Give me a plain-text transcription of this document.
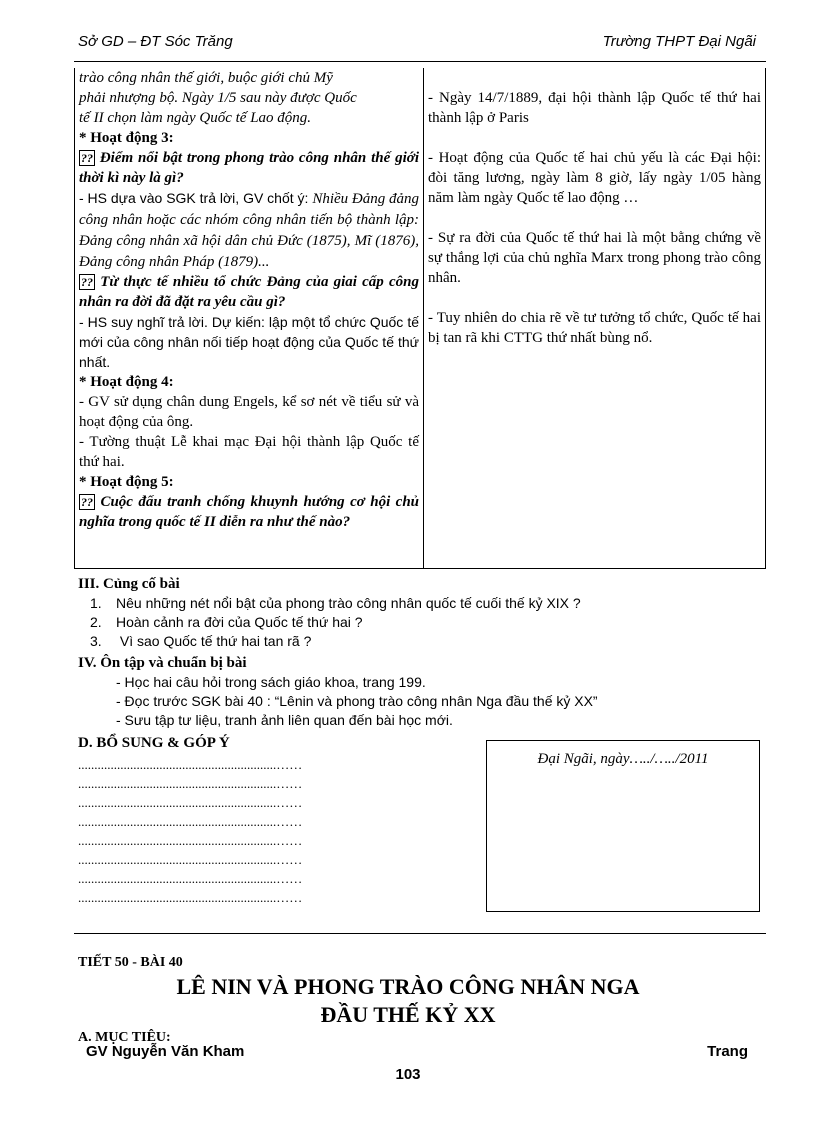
Sở GD – ĐT Sóc Trăng	Trường THPT Đại Ngãi
trào công nhân thế giới, buộc giới chủ Mỹ
phải nhượng bộ. Ngày 1/5 sau này được Quốc
tế II chọn làm ngày Quốc tế Lao động.
* Hoạt động 3:
?? Điểm nổi bật trong phong trào công nhân thế giới thời kì này là gì?
- HS dựa vào SGK trả lời, GV chốt ý: Nhiều Đảng đảng công nhân hoặc các nhóm công nhân tiến bộ thành lập: Đảng công nhân xã hội dân chủ Đức (1875), Mĩ (1876), Đảng công nhân Pháp (1879)...
?? Từ thực tế nhiều tổ chức Đảng của giai cấp công nhân ra đời đã đặt ra yêu cầu gì?
- HS suy nghĩ trả lời. Dự kiến: lập một tổ chức Quốc tế mới của công nhân nối tiếp hoạt động của Quốc tế thứ nhất.
* Hoạt động 4:
- GV sử dụng chân dung Engels, kể sơ nét về tiểu sử và hoạt động của ông.
- Tường thuật Lễ khai mạc Đại hội thành lập Quốc tế thứ hai.
* Hoạt động 5:
?? Cuộc đấu tranh chống khuynh hướng cơ hội chủ nghĩa trong quốc tế II diễn ra như thế nào?

- Ngày 14/7/1889, đại hội thành lập Quốc tế thứ hai thành lập ở Paris

- Hoạt động của Quốc tế hai chủ yếu là các Đại hội: đòi tăng lương, ngày làm 8 giờ, lấy ngày 1/05 hàng năm làm ngày Quốc tế lao động …

- Sự ra đời của Quốc tế thứ hai là một bằng chứng về sự thắng lợi của chủ nghĩa Marx trong phong trào công nhân.

- Tuy nhiên do chia rẽ về tư tưởng tổ chức, Quốc tế hai bị tan rã khi CTTG thứ nhất bùng nổ.

III. Củng cố bài
1. Nêu những nét nổi bật của phong trào công nhân quốc tế cuối thế kỷ XIX ?
2. Hoàn cảnh ra đời của Quốc tế thứ hai ?
3. Vì sao Quốc tế thứ hai tan rã ?
IV. Ôn tập và chuẩn bị bài
- Học hai câu hỏi trong sách giáo khoa, trang 199.
- Đọc trước SGK bài 40 : “Lênin và phong trào công nhân Nga đầu thế kỷ XX”
- Sưu tập tư liệu, tranh ảnh liên quan đến bài học mới.
D. BỔ SUNG & GÓP Ý
.............................................................……
.............................................................……
.............................................................……
.............................................................……
.............................................................……
.............................................................……
.............................................................……
.............................................................……
Đại Ngãi, ngày…../…../2011
TIẾT 50 - BÀI 40
LÊ NIN VÀ PHONG TRÀO CÔNG NHÂN NGA
ĐẦU THẾ KỶ XX
A. MỤC TIÊU:
GV Nguyễn Văn Kham	Trang
103
